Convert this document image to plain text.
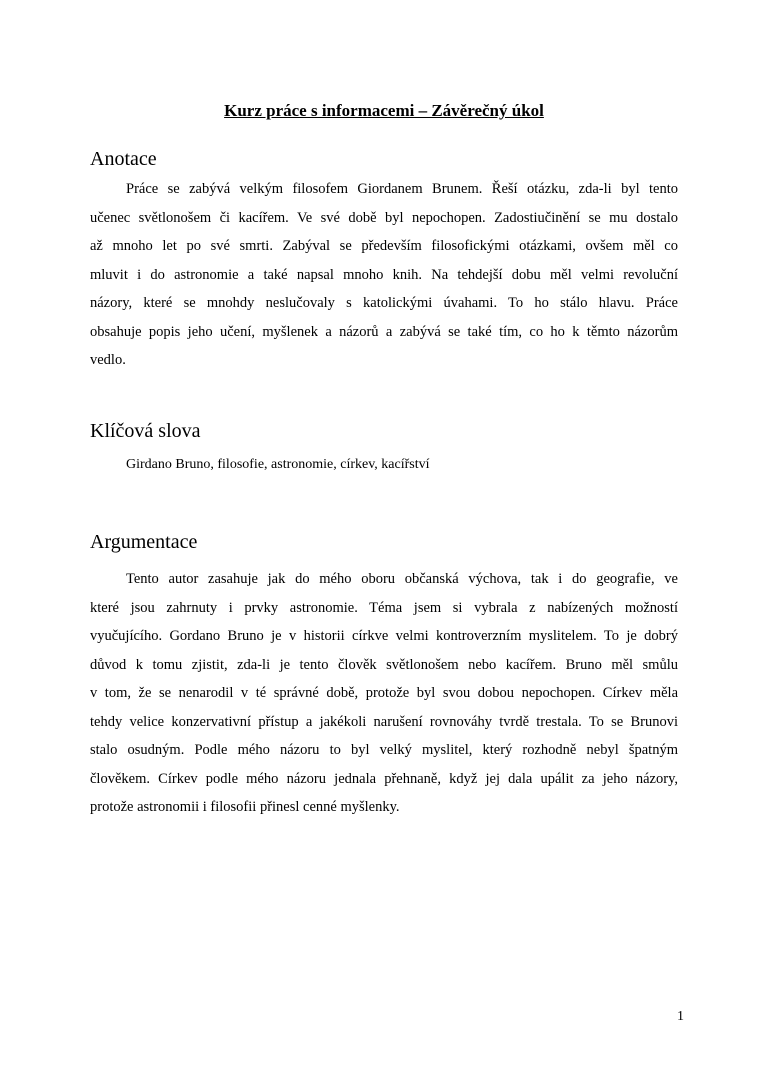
Kurz práce s informacemi – Závěrečný úkol
Anotace
Práce se zabývá velkým filosofem Giordanem Brunem. Řeší otázku, zda-li byl tento
učenec světlonošem či kacířem. Ve své době byl nepochopen. Zadostiučinění se mu dostalo
až mnoho let po své smrti. Zabýval se především filosofickými otázkami, ovšem měl co
mluvit i do astronomie a také napsal mnoho knih. Na tehdejší dobu měl velmi revoluční
názory, které se mnohdy neslučovaly s katolickými úvahami. To ho stálo hlavu. Práce
obsahuje popis jeho učení, myšlenek a názorů a zabývá se také tím, co ho k těmto názorům
vedlo.
Klíčová slova
Girdano Bruno, filosofie, astronomie, církev, kacířství
Argumentace
Tento autor zasahuje jak do mého oboru občanská výchova, tak i do geografie, ve
které jsou zahrnuty i prvky astronomie. Téma jsem si vybrala z nabízených možností
vyučujícího. Gordano Bruno je v historii církve velmi kontroverzním myslitelem. To je dobrý
důvod k tomu zjistit, zda-li je tento člověk světlonošem nebo kacířem. Bruno měl smůlu
v tom, že se nenarodil v té správné době, protože byl svou dobou nepochopen. Církev měla
tehdy velice konzervativní přístup a jakékoli narušení rovnováhy tvrdě trestala. To se Brunovi
stalo osudným. Podle mého názoru to byl velký myslitel, který rozhodně nebyl špatným
člověkem. Církev podle mého názoru jednala přehnaně, když jej dala upálit za jeho názory,
protože astronomii i filosofii přinesl cenné myšlenky.
1
